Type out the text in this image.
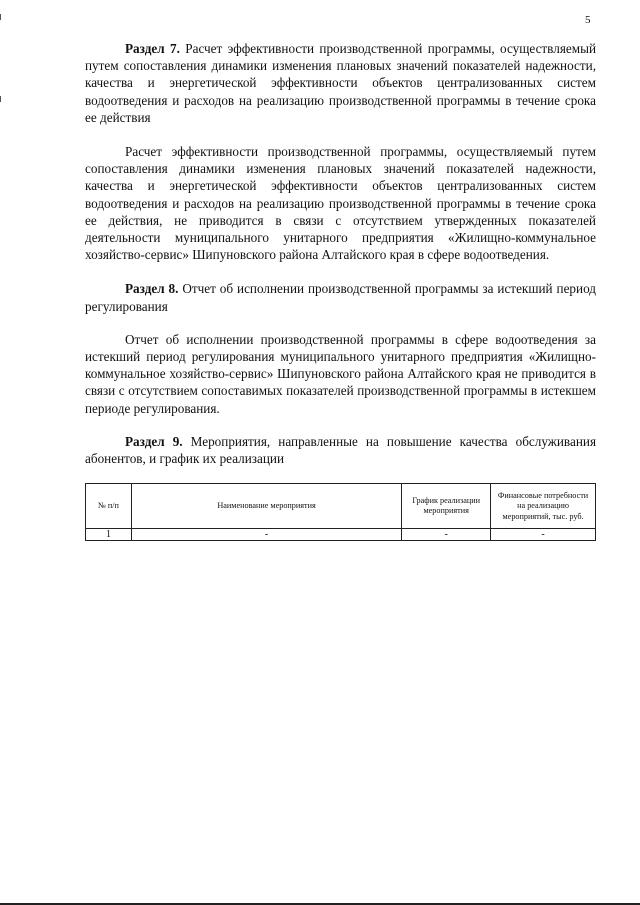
5

Раздел 7. Расчет эффективности производственной программы, осуществляемый путем сопоставления динамики изменения плановых значений показателей надежности, качества и энергетической эффективности объектов централизованных систем водоотведения и расходов на реализацию производственной программы в течение срока ее действия

Расчет эффективности производственной программы, осуществляемый путем сопоставления динамики изменения плановых значений показателей надежности, качества и энергетической эффективности объектов централизованных систем водоотведения и расходов на реализацию производственной программы в течение срока ее действия, не приводится в связи с отсутствием утвержденных показателей деятельности муниципального унитарного предприятия «Жилищно-коммунальное хозяйство-сервис» Шипуновского района Алтайского края в сфере водоотведения.

Раздел 8. Отчет об исполнении производственной программы за истекший период регулирования

Отчет об исполнении производственной программы в сфере водоотведения за истекший период регулирования муниципального унитарного предприятия «Жилищно-коммунальное хозяйство-сервис» Шипуновского района Алтайского края не приводится в связи с отсутствием сопоставимых показателей производственной программы в истекшем периоде регулирования.

Раздел 9. Мероприятия, направленные на повышение качества обслуживания абонентов, и график их реализации

№ п/п	Наименование мероприятия	График реализации мероприятия	Финансовые потребности на реализацию мероприятий, тыс. руб.
1	-	-	-
